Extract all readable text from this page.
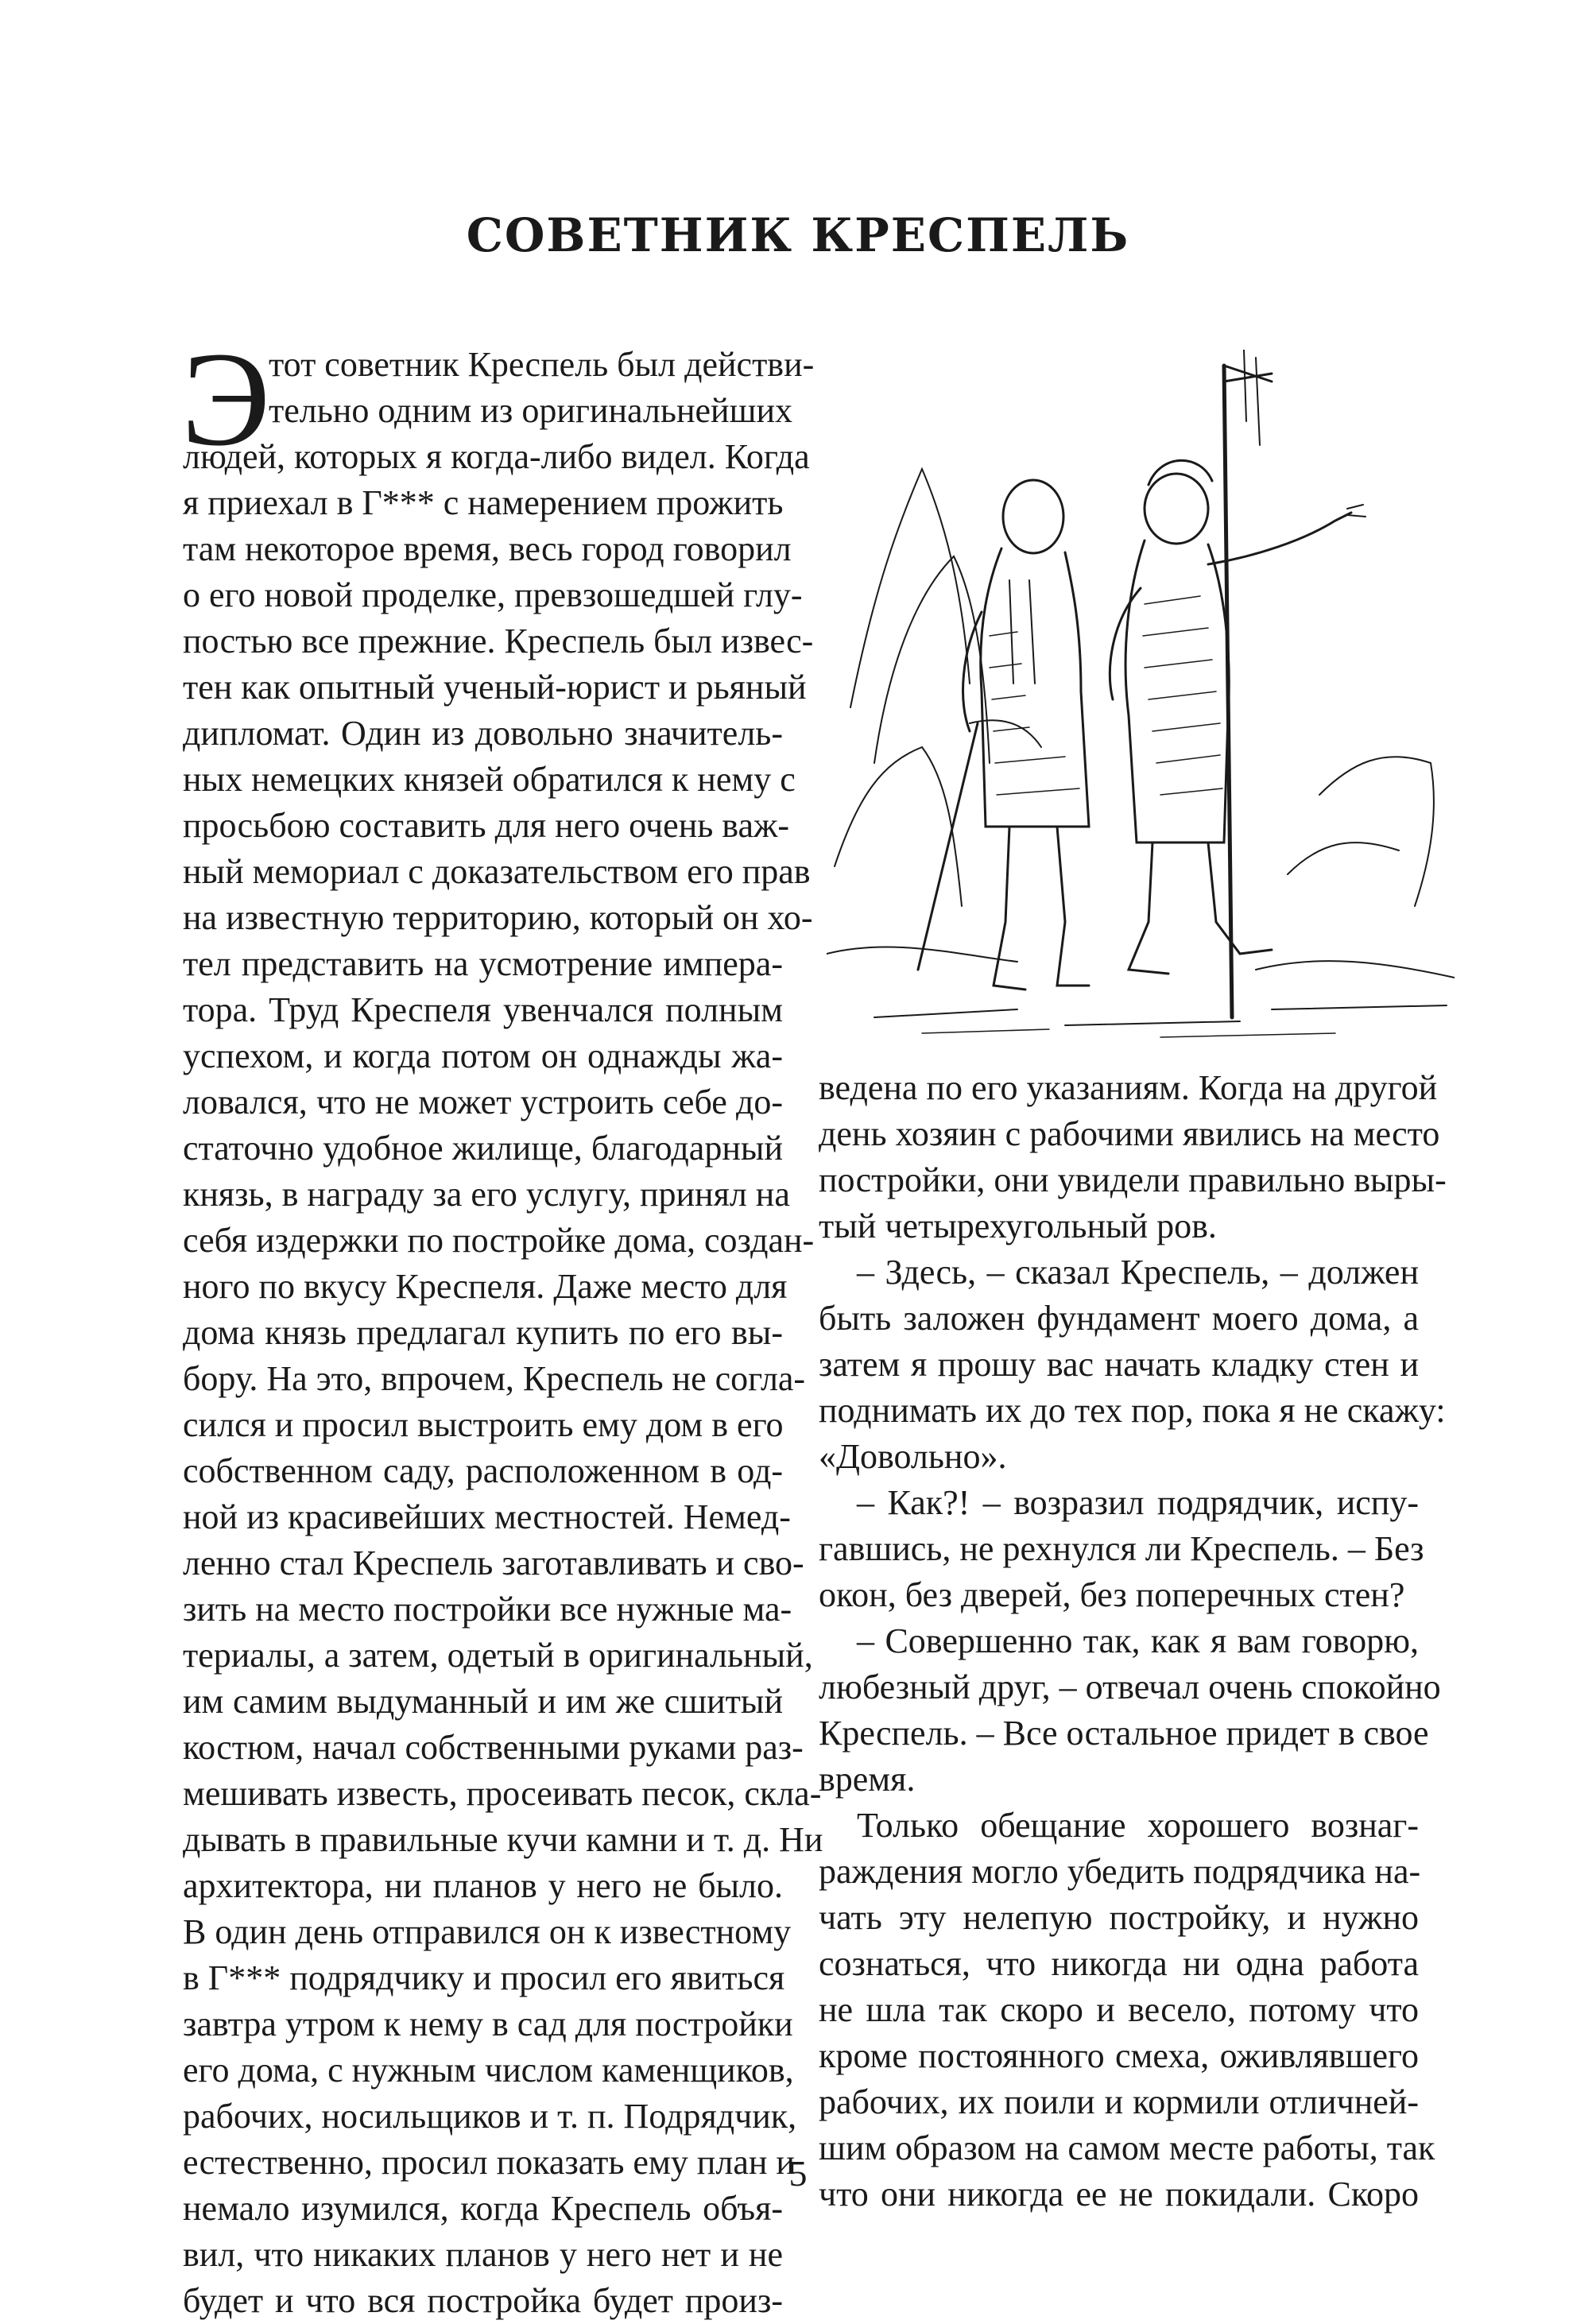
СОВЕТНИК КРЕСПЕЛЬ
Э
тот советник Креспель был действи-
тельно одним из оригинальнейших
людей, которых я когда-либо видел. Когда
я приехал в Г*** с намерением прожить
там некоторое время, весь город говорил
о его новой проделке, превзошедшей глу-
постью все прежние. Креспель был извес-
тен как опытный ученый-юрист и рьяный
дипломат. Один из довольно значитель-
ных немецких князей обратился к нему с
просьбою составить для него очень важ-
ный мемориал с доказательством его прав
на известную территорию, который он хо-
тел представить на усмотрение импера-
тора. Труд Креспеля увенчался полным
успехом, и когда потом он однажды жа-
ловался, что не может устроить себе до-
статочно удобное жилище, благодарный
князь, в награду за его услугу, принял на
себя издержки по постройке дома, создан-
ного по вкусу Креспеля. Даже место для
дома князь предлагал купить по его вы-
бору. На это, впрочем, Креспель не согла-
сился и просил выстроить ему дом в его
собственном саду, расположенном в од-
ной из красивейших местностей. Немед-
ленно стал Креспель заготавливать и сво-
зить на место постройки все нужные ма-
териалы, а затем, одетый в оригинальный,
им самим выдуманный и им же сшитый
костюм, начал собственными руками раз-
мешивать известь, просеивать песок, скла-
дывать в правильные кучи камни и т. д. Ни
архитектора, ни планов у него не было.
В один день отправился он к известному
в Г*** подрядчику и просил его явиться
завтра утром к нему в сад для постройки
его дома, с нужным числом каменщиков,
рабочих, носильщиков и т. п. Подрядчик,
естественно, просил показать ему план и
немало изумился, когда Креспель объя-
вил, что никаких планов у него нет и не
будет и что вся постройка будет произ-
ведена по его указаниям. Когда на другой
день хозяин с рабочими явились на место
постройки, они увидели правильно выры-
тый четырехугольный ров.
– Здесь, – сказал Креспель, – должен
быть заложен фундамент моего дома, а
затем я прошу вас начать кладку стен и
поднимать их до тех пор, пока я не скажу:
«Довольно».
– Как?! – возразил подрядчик, испу-
гавшись, не рехнулся ли Креспель. – Без
окон, без дверей, без поперечных стен?
– Совершенно так, как я вам говорю,
любезный друг, – отвечал очень спокойно
Креспель. – Все остальное придет в свое
время.
Только обещание хорошего вознаг-
раждения могло убедить подрядчика на-
чать эту нелепую постройку, и нужно
сознаться, что никогда ни одна работа
не шла так скоро и весело, потому что
кроме постоянного смеха, оживлявшего
рабочих, их поили и кормили отличней-
шим образом на самом месте работы, так
что они никогда ее не покидали. Скоро
5
